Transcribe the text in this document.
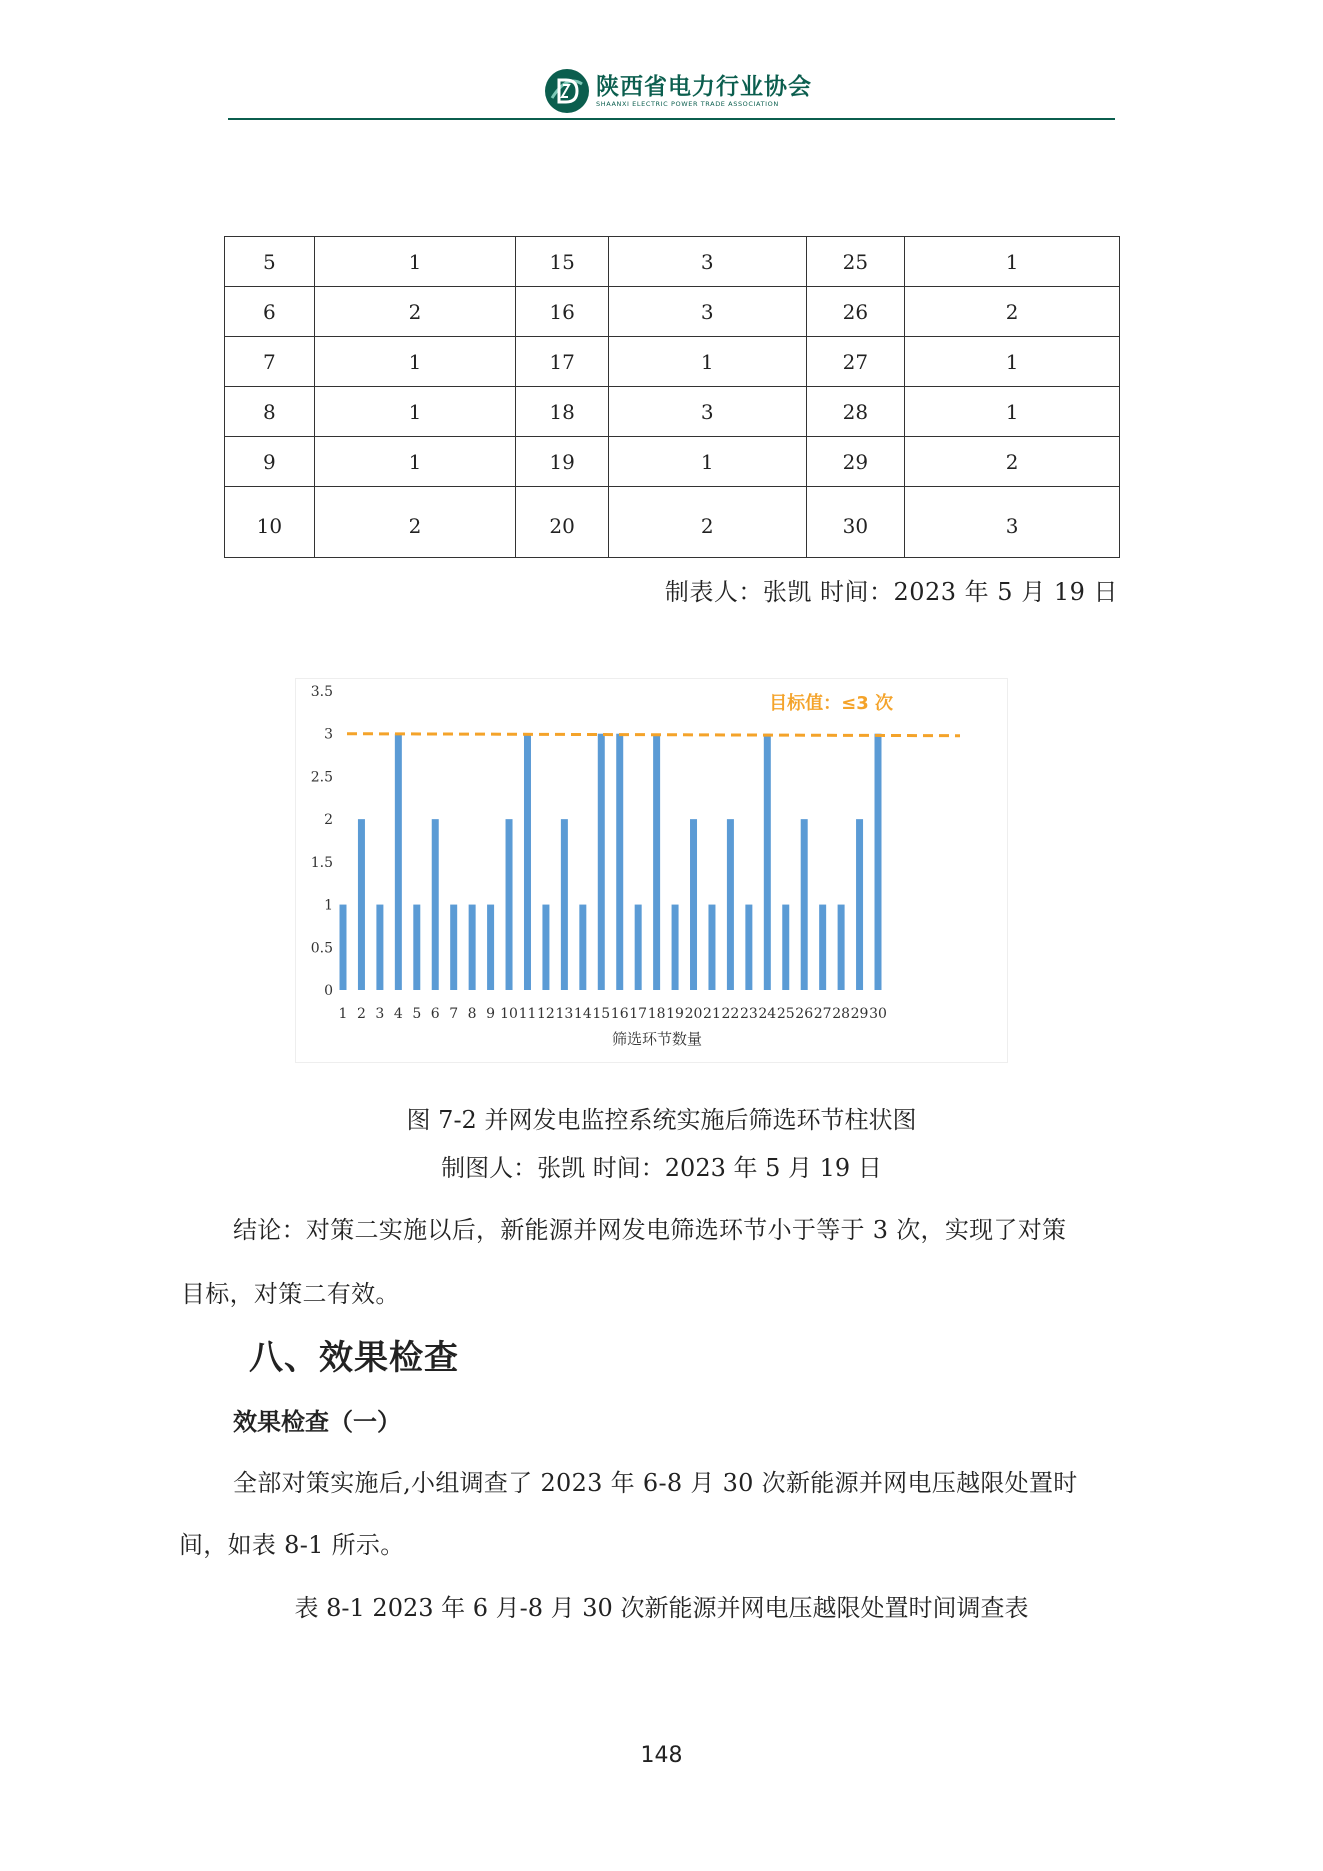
陕西省电力行业协会
SHAANXI ELECTRIC POWER TRADE ASSOCIATION
5	1	15	3	25	1
6	2	16	3	26	2
7	1	17	1	27	1
8	1	18	3	28	1
9	1	19	1	29	2
10	2	20	2	30	3
制表人：张凯 时间：2023 年 5 月 19 日
0
0.5
1
1.5
2
2.5
3
3.5
1 2 3 4 5 6 7 8 9 10 11 12 13 14 15 16 17 18 19 20 21 22 23 24 25 26 27 28 29 30
目标值：≤3 次
筛选环节数量
图 7-2 并网发电监控系统实施后筛选环节柱状图
制图人：张凯 时间：2023 年 5 月 19 日
结论：对策二实施以后，新能源并网发电筛选环节小于等于 3 次，实现了对策
目标，对策二有效。
八、效果检查
效果检查（一）
全部对策实施后,小组调查了 2023 年 6-8 月 30 次新能源并网电压越限处置时
间，如表 8-1 所示。
表 8-1 2023 年 6 月-8 月 30 次新能源并网电压越限处置时间调查表
148
